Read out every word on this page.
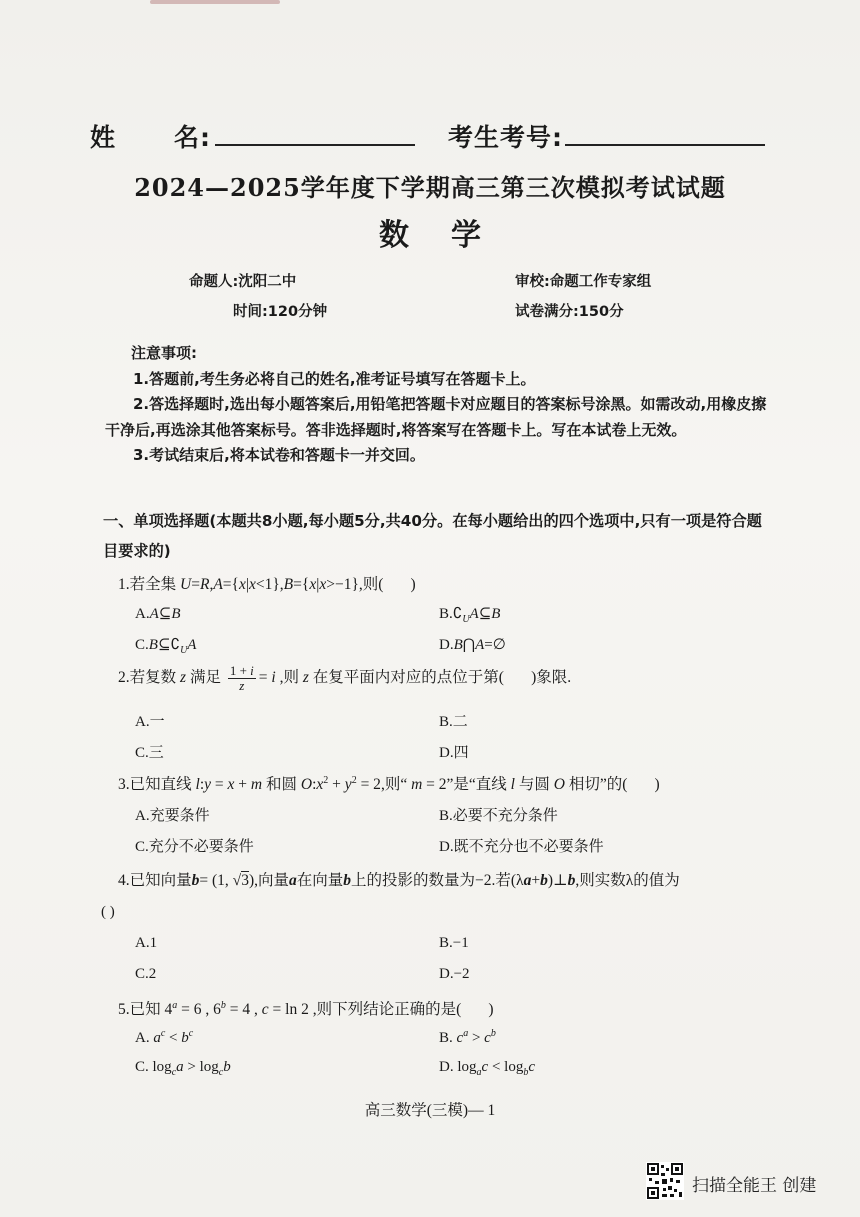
姓 名:	考生考号:
2024—2025学年度下学期高三第三次模拟考试试题
数学
命题人:沈阳二中	审校:命题工作专家组
时间:120分钟	试卷满分:150分
注意事项:
1.答题前,考生务必将自己的姓名,准考证号填写在答题卡上。
2.答选择题时,选出每小题答案后,用铅笔把答题卡对应题目的答案标号涂黑。如需改动,用橡皮擦干净后,再选涂其他答案标号。答非选择题时,将答案写在答题卡上。写在本试卷上无效。
3.考试结束后,将本试卷和答题卡一并交回。
一、单项选择题(本题共8小题,每小题5分,共40分。在每小题给出的四个选项中,只有一项是符合题目要求的)
1.若全集 U=R,A={x|x<1},B={x|x>−1},则(       )
A.A⊆B	$B.∁_UA⊆B$
$C.B⊆∁_UA$	D.B⋂A=∅
2.若复数 z 满足 $\frac{1 + i}{z} = i$ ,则 z 在复平面内对应的点位于第( )象限.
A.一	B.二
C.三	D.四
3.已知直线 l:y = x + m 和圆 $O:x^2 + y^2 = 2$,则“ m = 2”是“直线 l 与圆 O 相切”的( )
A.充要条件	B.必要不充分条件
C.充分不必要条件	D.既不充分也不必要条件
4.已知向量b= (1, √3),向量a在向量b上的投影的数量为−2.若(λa+b)⊥b,则实数λ的值为
( )
A.1	B.−1
C.2	D.−2
5.已知 $4^a = 6$ , $6^b = 4$ , c = ln 2 ,则下列结论正确的是( )
A. $a^c < b^c$	B. $c^a > c^b$
C. $\log_ca > \log_cb$	D. $\log_ac < \log_bc$
高三数学(三模)— 1
扫描全能王 创建
